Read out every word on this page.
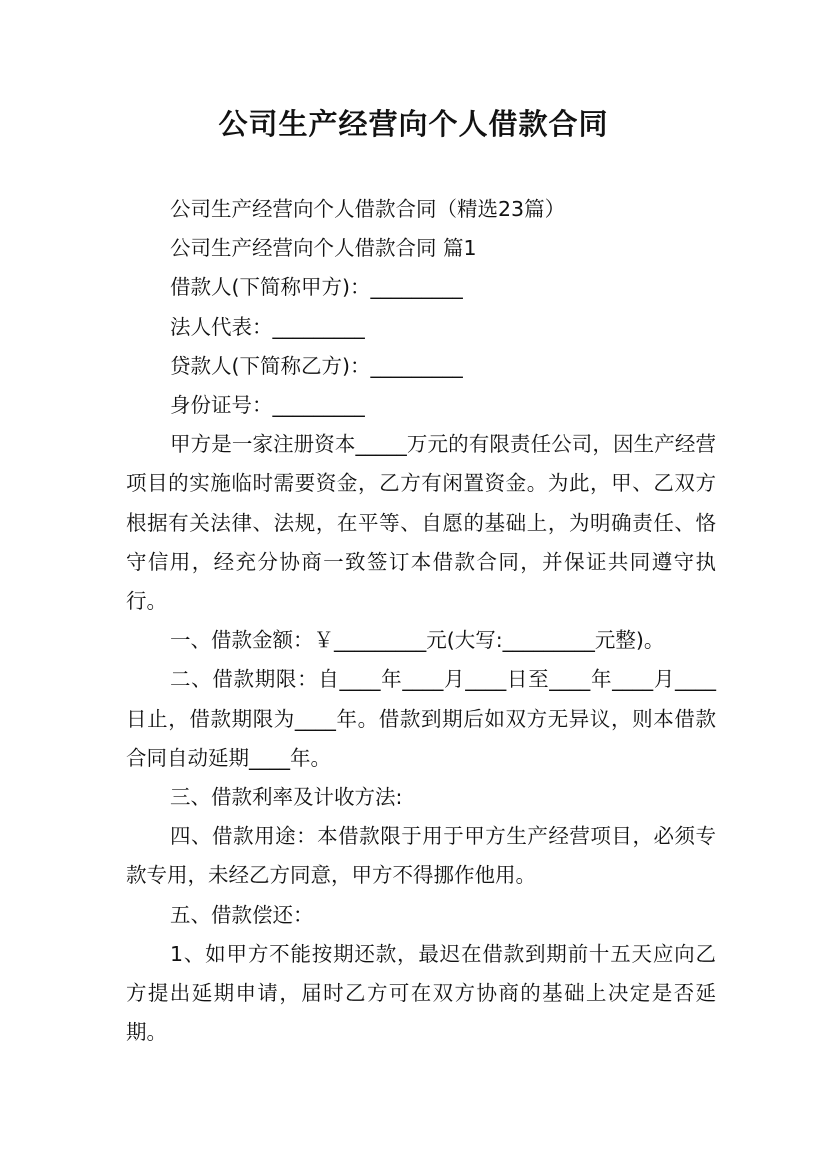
公司生产经营向个人借款合同

公司生产经营向个人借款合同（精选23篇）

公司生产经营向个人借款合同 篇1

借款人(下简称甲方)：_________

法人代表：_________

贷款人(下简称乙方)：_________

身份证号：_________

甲方是一家注册资本_____万元的有限责任公司，因生产经营项目的实施临时需要资金，乙方有闲置资金。为此，甲、乙双方根据有关法律、法规，在平等、自愿的基础上，为明确责任、恪守信用，经充分协商一致签订本借款合同，并保证共同遵守执行。

一、借款金额：￥_________元(大写:_________元整)。

二、借款期限：自____年____月____日至____年____月____日止，借款期限为____年。借款到期后如双方无异议，则本借款合同自动延期____年。

三、借款利率及计收方法:

四、借款用途：本借款限于用于甲方生产经营项目，必须专款专用，未经乙方同意，甲方不得挪作他用。

五、借款偿还：

1、如甲方不能按期还款，最迟在借款到期前十五天应向乙方提出延期申请，届时乙方可在双方协商的基础上决定是否延期。
